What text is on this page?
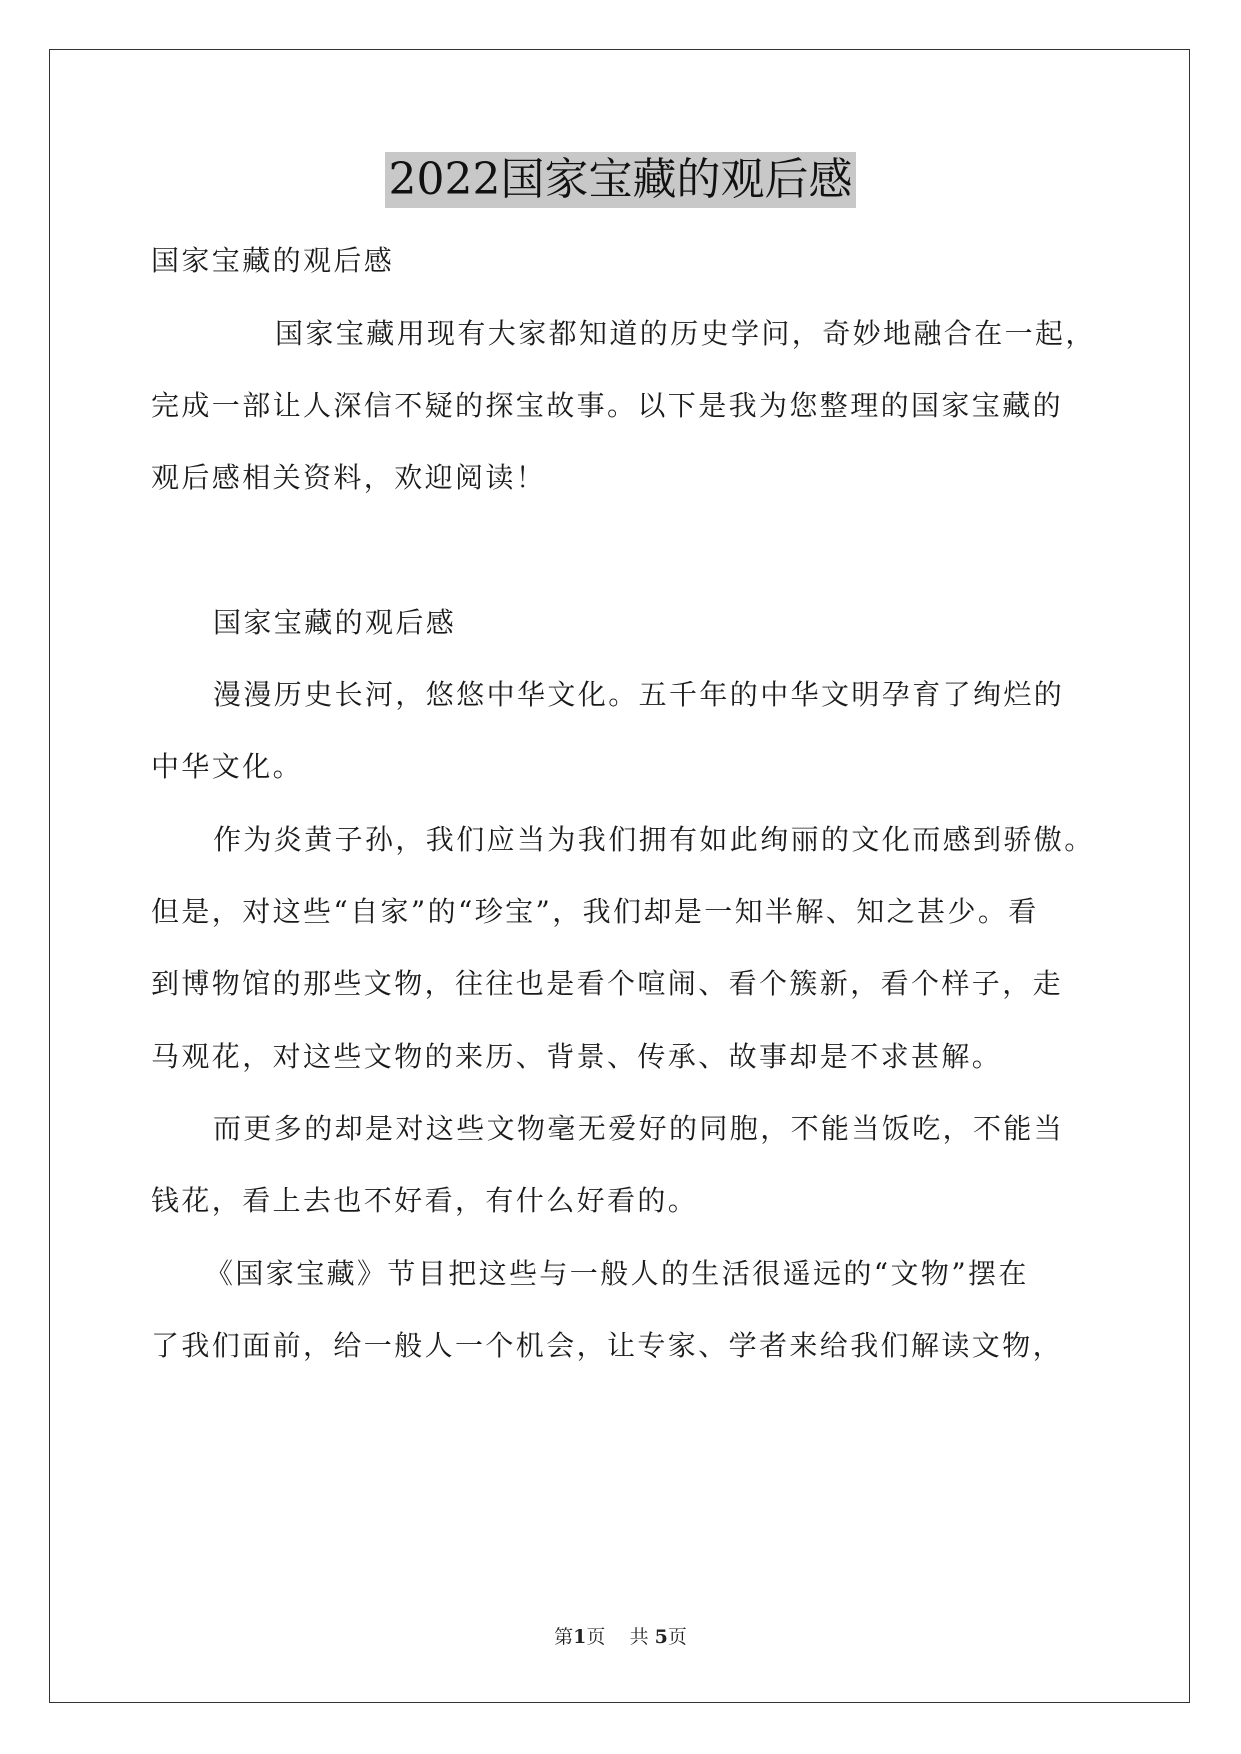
2022国家宝藏的观后感
国家宝藏的观后感
国家宝藏用现有大家都知道的历史学问，奇妙地融合在一起，
完成一部让人深信不疑的探宝故事。以下是我为您整理的国家宝藏的
观后感相关资料，欢迎阅读！
国家宝藏的观后感
漫漫历史长河，悠悠中华文化。五千年的中华文明孕育了绚烂的
中华文化。
作为炎黄子孙，我们应当为我们拥有如此绚丽的文化而感到骄傲。
但是，对这些“自家”的“珍宝”，我们却是一知半解、知之甚少。看
到博物馆的那些文物，往往也是看个喧闹、看个簇新，看个样子，走
马观花，对这些文物的来历、背景、传承、故事却是不求甚解。
而更多的却是对这些文物毫无爱好的同胞，不能当饭吃，不能当
钱花，看上去也不好看，有什么好看的。
《国家宝藏》节目把这些与一般人的生活很遥远的“文物”摆在
了我们面前，给一般人一个机会，让专家、学者来给我们解读文物，
第1页 共 5页
